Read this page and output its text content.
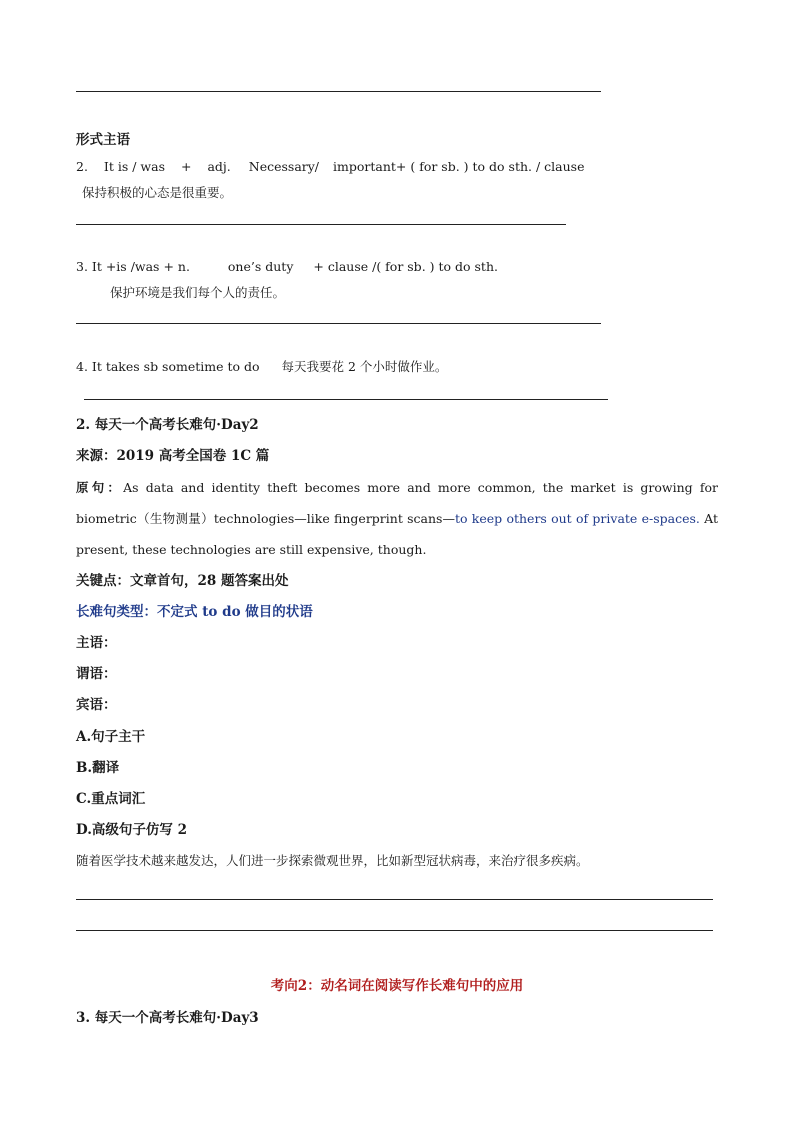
形式主语
2. It is / was + adj. Necessary/ important+ ( for sb. ) to do sth. / clause
保持积极的心态是很重要。
3. It +is /was + n.	one’s duty + clause /( for sb. ) to do sth.
保护环境是我们每个人的责任。
4. It takes sb sometime to do 每天我要花 2 个小时做作业。
2. 每天一个高考长难句·Day2
来源：2019 高考全国卷 1C 篇
原句：As data and identity theft becomes more and more common, the market is growing for biometric（生物测量）technologies—like fingerprint scans—to keep others out of private e-spaces. At present, these technologies are still expensive, though.
关键点：文章首句，28 题答案出处
长难句类型：不定式 to do 做目的状语
主语：
谓语：
宾语：
A.句子主干
B.翻译
C.重点词汇
D.高级句子仿写 2
随着医学技术越来越发达，人们进一步探索微观世界，比如新型冠状病毒，来治疗很多疾病。
考向2：动名词在阅读写作长难句中的应用
3. 每天一个高考长难句·Day3
